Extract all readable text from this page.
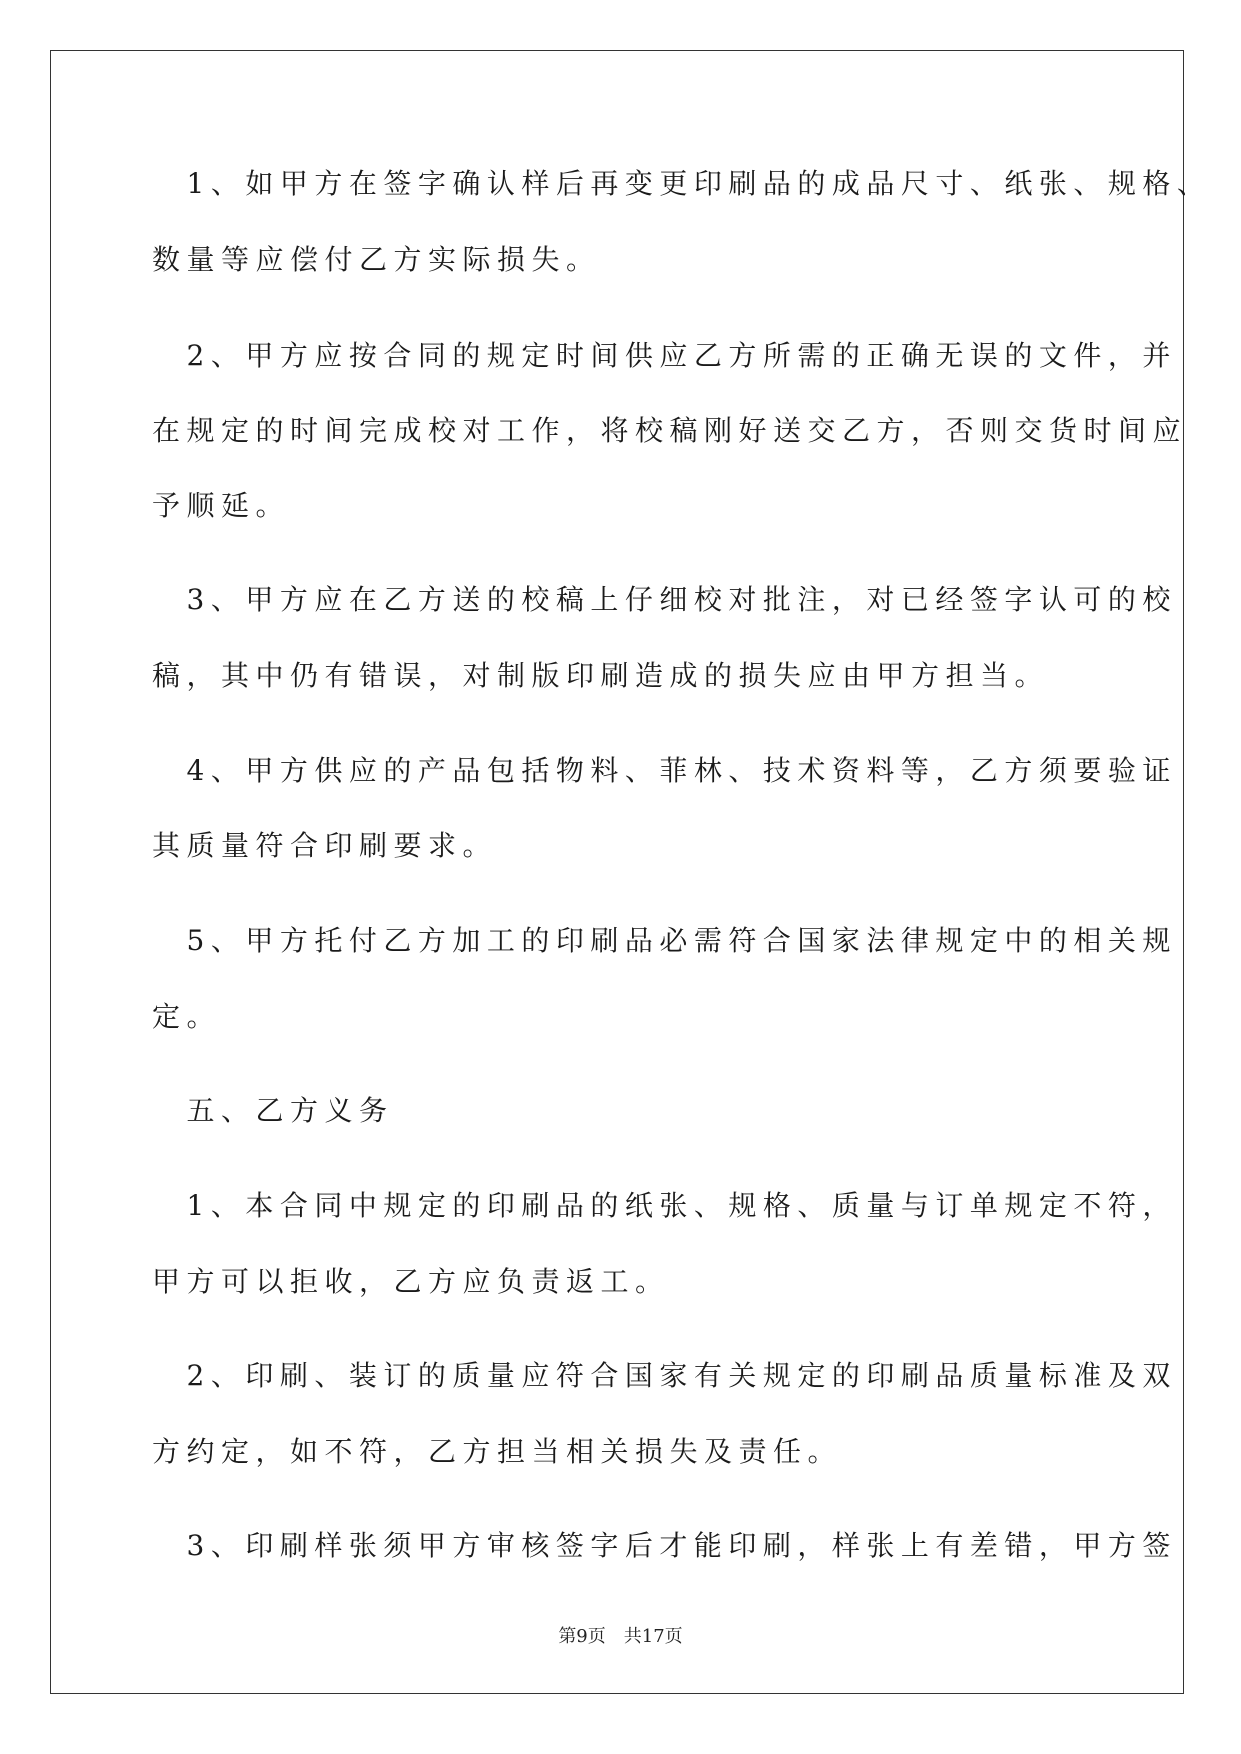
　1、如甲方在签字确认样后再变更印刷品的成品尺寸、纸张、规格、
数量等应偿付乙方实际损失。
　2、甲方应按合同的规定时间供应乙方所需的正确无误的文件，并
在规定的时间完成校对工作，将校稿刚好送交乙方，否则交货时间应
予顺延。
　3、甲方应在乙方送的校稿上仔细校对批注，对已经签字认可的校
稿，其中仍有错误，对制版印刷造成的损失应由甲方担当。
　4、甲方供应的产品包括物料、菲林、技术资料等，乙方须要验证
其质量符合印刷要求。
　5、甲方托付乙方加工的印刷品必需符合国家法律规定中的相关规
定。
　五、乙方义务
　1、本合同中规定的印刷品的纸张、规格、质量与订单规定不符，
甲方可以拒收，乙方应负责返工。
　2、印刷、装订的质量应符合国家有关规定的印刷品质量标准及双
方约定，如不符，乙方担当相关损失及责任。
　3、印刷样张须甲方审核签字后才能印刷，样张上有差错，甲方签
第9页 共17页
